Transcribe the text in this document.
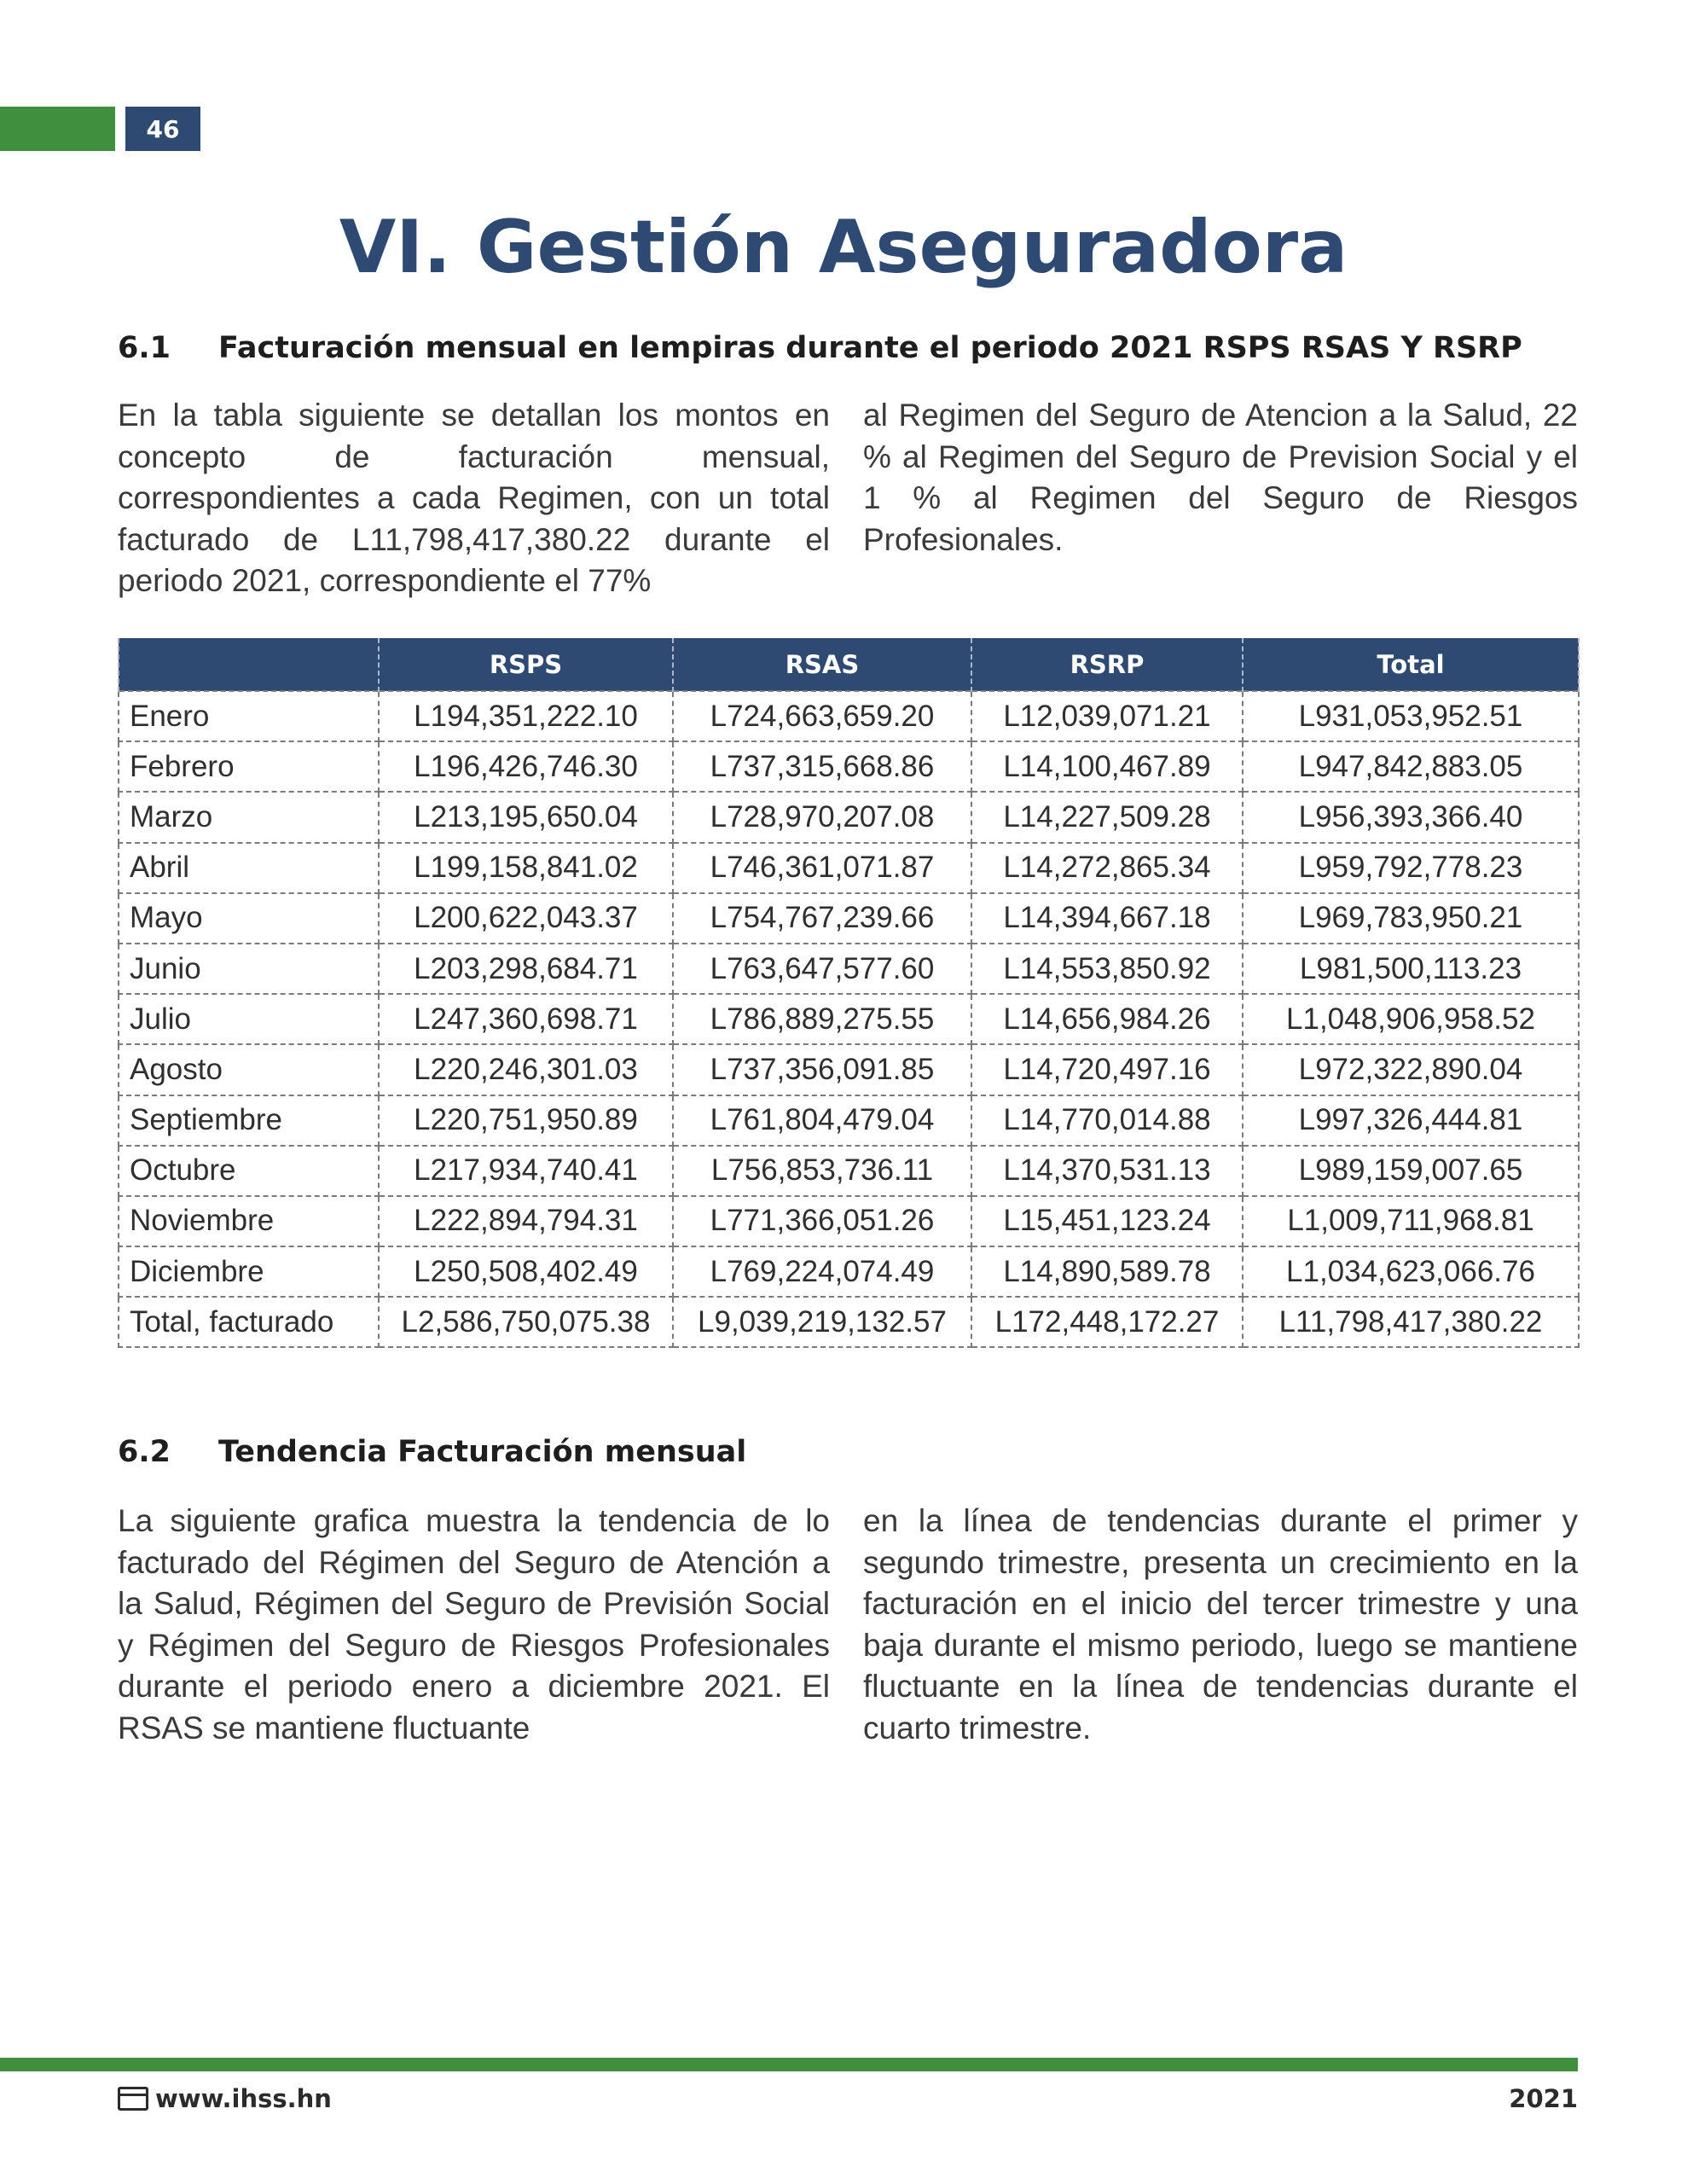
46
VI. Gestión Aseguradora
6.1	Facturación mensual en lempiras durante el periodo 2021 RSPS RSAS Y RSRP
En la tabla siguiente se detallan los montos en concepto de facturación mensual, correspondientes a cada Regimen, con un total facturado de L11,798,417,380.22 durante el periodo 2021, correspondiente el 77%
al Regimen del Seguro de Atencion a la Salud, 22 % al Regimen del Seguro de Prevision Social y el 1 % al Regimen del Seguro de Riesgos Profesionales.
	RSPS	RSAS	RSRP	Total
Enero	L194,351,222.10	L724,663,659.20	L12,039,071.21	L931,053,952.51
Febrero	L196,426,746.30	L737,315,668.86	L14,100,467.89	L947,842,883.05
Marzo	L213,195,650.04	L728,970,207.08	L14,227,509.28	L956,393,366.40
Abril	L199,158,841.02	L746,361,071.87	L14,272,865.34	L959,792,778.23
Mayo	L200,622,043.37	L754,767,239.66	L14,394,667.18	L969,783,950.21
Junio	L203,298,684.71	L763,647,577.60	L14,553,850.92	L981,500,113.23
Julio	L247,360,698.71	L786,889,275.55	L14,656,984.26	L1,048,906,958.52
Agosto	L220,246,301.03	L737,356,091.85	L14,720,497.16	L972,322,890.04
Septiembre	L220,751,950.89	L761,804,479.04	L14,770,014.88	L997,326,444.81
Octubre	L217,934,740.41	L756,853,736.11	L14,370,531.13	L989,159,007.65
Noviembre	L222,894,794.31	L771,366,051.26	L15,451,123.24	L1,009,711,968.81
Diciembre	L250,508,402.49	L769,224,074.49	L14,890,589.78	L1,034,623,066.76
Total, facturado	L2,586,750,075.38	L9,039,219,132.57	L172,448,172.27	L11,798,417,380.22
6.2	Tendencia Facturación mensual
La siguiente grafica muestra la tendencia de lo facturado del Régimen del Seguro de Atención a la Salud, Régimen del Seguro de Previsión Social y Régimen del Seguro de Riesgos Profesionales durante el periodo enero a diciembre 2021. El RSAS se mantiene fluctuante
en la línea de tendencias durante el primer y segundo trimestre, presenta un crecimiento en la facturación en el inicio del tercer trimestre y una baja durante el mismo periodo, luego se mantiene fluctuante en la línea de tendencias durante el cuarto trimestre.
www.ihss.hn	2021
